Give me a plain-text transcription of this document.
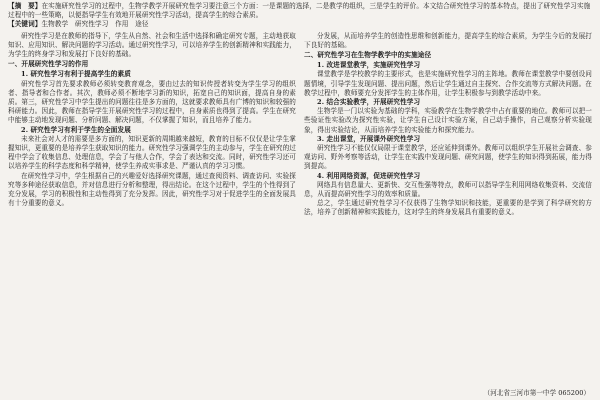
【摘　要】在实施研究性学习的过程中，生物学教学开展研究性学习要注意三个方面：一是课题的选择，二是教学的组织，三是学生的评价。本文结合研究性学习的基本特点，提出了研究性学习实施过程中的一些策略，以便指导学生有效地开展研究性学习活动，提高学生的综合素质。
【关键词】生物教学　研究性学习　作用　途径

研究性学习是在教师的指导下，学生从自然、社会和生活中选择和确定研究专题，主动地获取知识、应用知识、解决问题的学习活动。通过研究性学习，可以培养学生的创新精神和实践能力，为学生的终身学习和发展打下良好的基础。

一、开展研究性学习的作用

1. 研究性学习有利于提高学生的素质

研究性学习首先要求教师必须转变教育观念，要由过去的知识传授者转变为学生学习的组织者、指导者和合作者。其次，教师必须不断地学习新的知识，拓宽自己的知识面，提高自身的素质。第三，研究性学习中学生提出的问题往往是多方面的，这就要求教师具有广博的知识和较强的科研能力。因此，教师在指导学生开展研究性学习的过程中，自身素质也得到了提高。学生在研究中能够主动地发现问题、分析问题、解决问题，不仅掌握了知识，而且培养了能力。

2. 研究性学习有利于学生的全面发展

未来社会对人才的需要是多方面的，知识更新的周期越来越短，教育的目标不仅仅是让学生掌握知识，更重要的是培养学生获取知识的能力。研究性学习强调学生的主动参与，学生在研究的过程中学会了收集信息、处理信息，学会了与他人合作，学会了表达和交流。同时，研究性学习还可以培养学生的科学态度和科学精神，使学生养成实事求是、严谨认真的学习习惯。

在研究性学习中，学生根据自己的兴趣爱好选择研究课题，通过查阅资料、调查访问、实验探究等多种途径获取信息，并对信息进行分析和整理，得出结论。在这个过程中，学生的个性得到了充分发展，学习的积极性和主动性得到了充分发挥。因此，研究性学习对于促进学生的全面发展具有十分重要的意义。

分发展，从而培养学生的创造性思维和创新能力，提高学生的综合素质，为学生今后的发展打下良好的基础。

二、研究性学习在生物学教学中的实施途径

1. 改进课堂教学，实施研究性学习

课堂教学是学校教学的主要形式，也是实施研究性学习的主阵地。教师在课堂教学中要创设问题情境，引导学生发现问题、提出问题，然后让学生通过自主探究、合作交流等方式解决问题。在教学过程中，教师要充分发挥学生的主体作用，让学生积极参与到教学活动中来。

2. 结合实验教学，开展研究性学习

生物学是一门以实验为基础的学科，实验教学在生物学教学中占有重要的地位。教师可以把一些验证性实验改为探究性实验，让学生自己设计实验方案，自己动手操作，自己观察分析实验现象，得出实验结论，从而培养学生的实验能力和探究能力。

3. 走出课堂，开展课外研究性学习

研究性学习不能仅仅局限于课堂教学，还应延伸到课外。教师可以组织学生开展社会调查、参观访问、野外考察等活动，让学生在实践中发现问题、研究问题，使学生的知识得到拓展，能力得到提高。

4. 利用网络资源，促进研究性学习

网络具有信息量大、更新快、交互性强等特点，教师可以指导学生利用网络收集资料、交流信息，从而提高研究性学习的效率和质量。

总之，学生通过研究性学习不仅获得了生物学知识和技能，更重要的是学到了科学研究的方法，培养了创新精神和实践能力，这对学生的终身发展具有重要的意义。

（河北省三河市第一中学 065200）
